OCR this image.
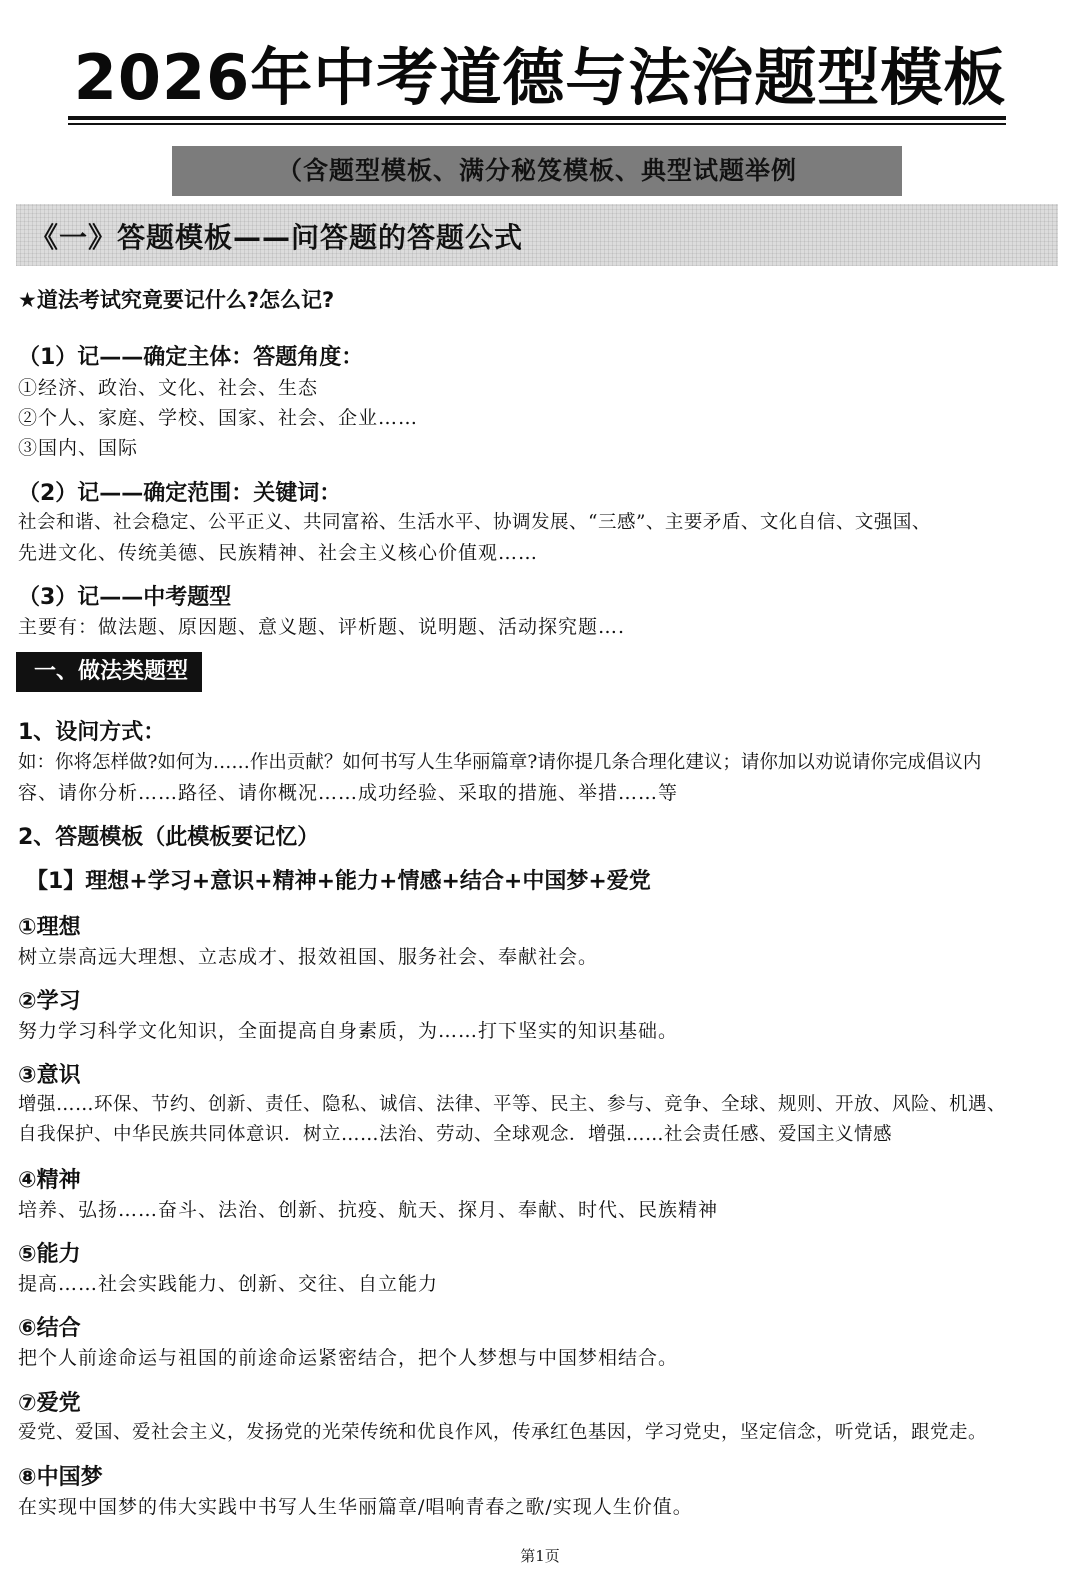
2026年中考道德与法治题型模板
（含题型模板、满分秘笈模板、典型试题举例
《一》答题模板——问答题的答题公式
★道法考试究竟要记什么?怎么记?
（1）记——确定主体：答题角度：
①经济、政治、文化、社会、生态
②个人、家庭、学校、国家、社会、企业……
③国内、国际
（2）记——确定范围：关键词：
社会和谐、社会稳定、公平正义、共同富裕、生活水平、协调发展、“三感”、主要矛盾、文化自信、文强国、
先进文化、传统美德、民族精神、社会主义核心价值观……
（3）记——中考题型
主要有：做法题、原因题、意义题、评析题、说明题、活动探究题….
一、做法类题型
1、设问方式：
如：你将怎样做?如何为……作出贡献？如何书写人生华丽篇章?请你提几条合理化建议；请你加以劝说请你完成倡议内
容、请你分析……路径、请你概况……成功经验、采取的措施、举措……等
2、答题模板（此模板要记忆）
【1】理想+学习+意识+精神+能力+情感+结合+中国梦+爱党
①理想
树立崇高远大理想、立志成才、报效祖国、服务社会、奉献社会。
②学习
努力学习科学文化知识，全面提高自身素质，为……打下坚实的知识基础。
③意识
增强……环保、节约、创新、责任、隐私、诚信、法律、平等、民主、参与、竞争、全球、规则、开放、风险、机遇、
自我保护、中华民族共同体意识．树立……法治、劳动、全球观念．增强……社会责任感、爱国主义情感
④精神
培养、弘扬……奋斗、法治、创新、抗疫、航天、探月、奉献、时代、民族精神
⑤能力
提高……社会实践能力、创新、交往、自立能力
⑥结合
把个人前途命运与祖国的前途命运紧密结合，把个人梦想与中国梦相结合。
⑦爱党
爱党、爱国、爱社会主义，发扬党的光荣传统和优良作风，传承红色基因，学习党史，坚定信念，听党话，跟党走。
⑧中国梦
在实现中国梦的伟大实践中书写人生华丽篇章/唱响青春之歌/实现人生价值。
第1页
